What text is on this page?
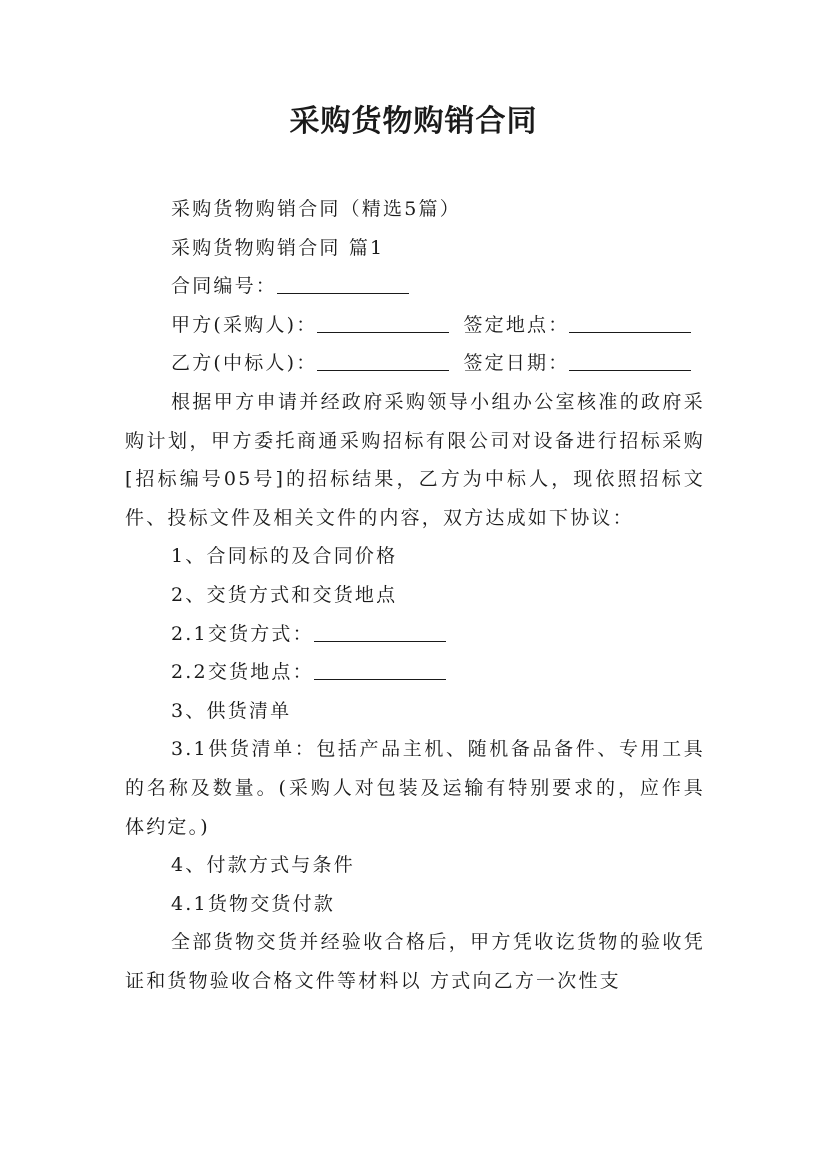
采购货物购销合同
采购货物购销合同（精选5篇）
采购货物购销合同 篇1
合同编号：
甲方(采购人)：	签定地点：
乙方(中标人)：	签定日期：
根据甲方申请并经政府采购领导小组办公室核准的政府采购计划，甲方委托商通采购招标有限公司对设备进行招标采购[招标编号05号]的招标结果，乙方为中标人，现依照招标文件、投标文件及相关文件的内容，双方达成如下协议：
1、合同标的及合同价格
2、交货方式和交货地点
2.1交货方式：
2.2交货地点：
3、供货清单
3.1供货清单：包括产品主机、随机备品备件、专用工具的名称及数量。(采购人对包装及运输有特别要求的，应作具体约定。)
4、付款方式与条件
4.1货物交货付款
全部货物交货并经验收合格后，甲方凭收讫货物的验收凭证和货物验收合格文件等材料以 方式向乙方一次性支
